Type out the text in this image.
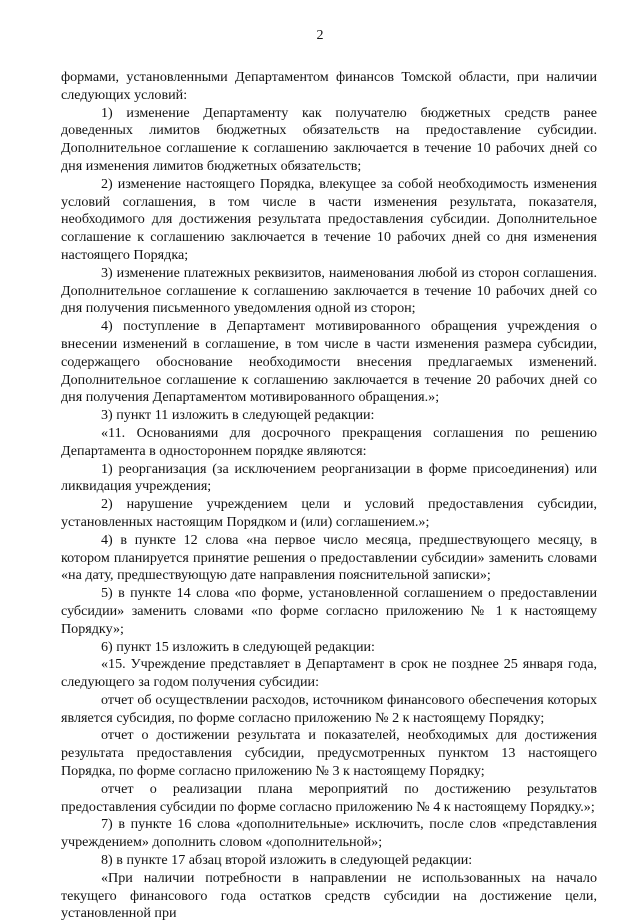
2

формами, установленными Департаментом финансов Томской области, при наличии следующих условий:

1) изменение Департаменту как получателю бюджетных средств ранее доведенных лимитов бюджетных обязательств на предоставление субсидии. Дополнительное соглашение к соглашению заключается в течение 10 рабочих дней со дня изменения лимитов бюджетных обязательств;

2) изменение настоящего Порядка, влекущее за собой необходимость изменения условий соглашения, в том числе в части изменения результата, показателя, необходимого для достижения результата предоставления субсидии. Дополнительное соглашение к соглашению заключается в течение 10 рабочих дней со дня изменения настоящего Порядка;

3) изменение платежных реквизитов, наименования любой из сторон соглашения. Дополнительное соглашение к соглашению заключается в течение 10 рабочих дней со дня получения письменного уведомления одной из сторон;

4) поступление в Департамент мотивированного обращения учреждения о внесении изменений в соглашение, в том числе в части изменения размера субсидии, содержащего обоснование необходимости внесения предлагаемых изменений. Дополнительное соглашение к соглашению заключается в течение 20 рабочих дней со дня получения Департаментом мотивированного обращения.»;

3) пункт 11 изложить в следующей редакции:

«11. Основаниями для досрочного прекращения соглашения по решению Департамента в одностороннем порядке являются:

1) реорганизация (за исключением реорганизации в форме присоединения) или ликвидация учреждения;

2) нарушение учреждением цели и условий предоставления субсидии, установленных настоящим Порядком и (или) соглашением.»;

4) в пункте 12 слова «на первое число месяца, предшествующего месяцу, в котором планируется принятие решения о предоставлении субсидии» заменить словами «на дату, предшествующую дате направления пояснительной записки»;

5) в пункте 14 слова «по форме, установленной соглашением о предоставлении субсидии» заменить словами «по форме согласно приложению № 1 к настоящему Порядку»;

6) пункт 15 изложить в следующей редакции:

«15. Учреждение представляет в Департамент в срок не позднее 25 января года, следующего за годом получения субсидии:

отчет об осуществлении расходов, источником финансового обеспечения которых является субсидия, по форме согласно приложению № 2 к настоящему Порядку;

отчет о достижении результата и показателей, необходимых для достижения результата предоставления субсидии, предусмотренных пунктом 13 настоящего Порядка, по форме согласно приложению № 3 к настоящему Порядку;

отчет о реализации плана мероприятий по достижению результатов предоставления субсидии по форме согласно приложению № 4 к настоящему Порядку.»;

7) в пункте 16 слова «дополнительные» исключить, после слов «представления учреждением» дополнить словом «дополнительной»;

8) в пункте 17 абзац второй изложить в следующей редакции:

«При наличии потребности в направлении не использованных на начало текущего финансового года остатков средств субсидии на достижение цели, установленной при
